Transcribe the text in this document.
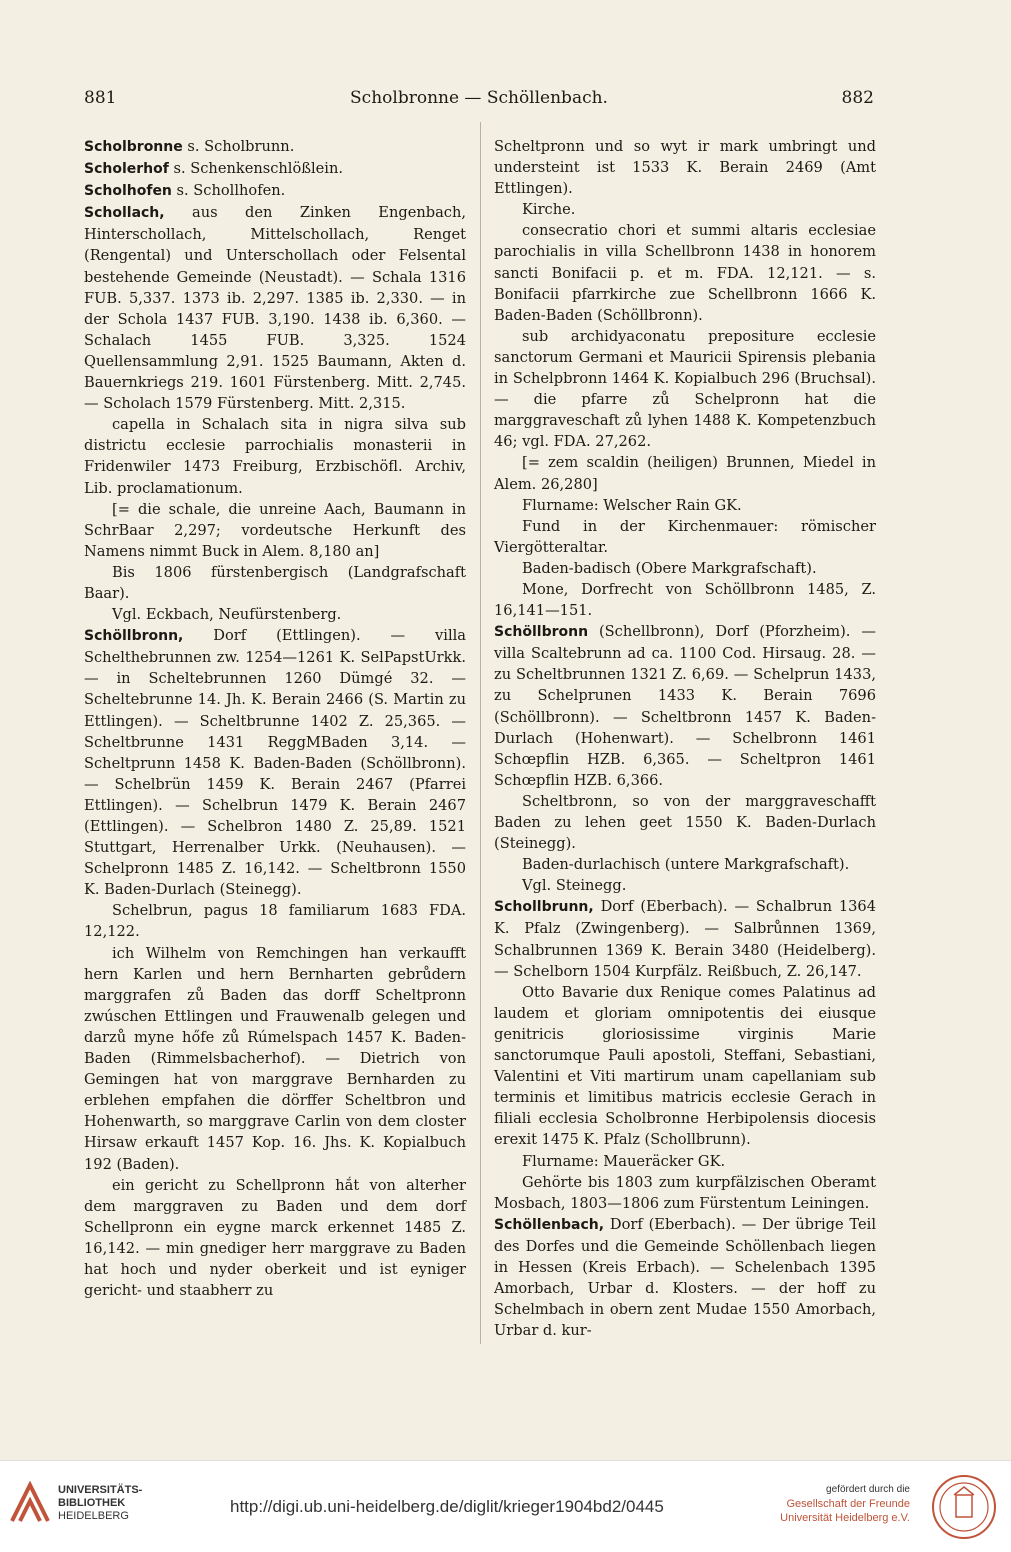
881	Scholbronne — Schöllenbach.	882

Scholbronne s. Scholbrunn.

Scholerhof s. Schenkenschlößlein.

Scholhofen s. Schollhofen.

Schollach, aus den Zinken Engenbach, Hinterschollach, Mittelschollach, Renget (Rengental) und Unterschollach oder Felsental bestehende Gemeinde (Neustadt). — Schala 1316 FUB. 5,337. 1373 ib. 2,297. 1385 ib. 2,330. — in der Schola 1437 FUB. 3,190. 1438 ib. 6,360. — Schalach 1455 FUB. 3,325. 1524 Quellensammlung 2,91. 1525 Baumann, Akten d. Bauernkriegs 219. 1601 Fürstenberg. Mitt. 2,745. — Scholach 1579 Fürstenberg. Mitt. 2,315.

capella in Schalach sita in nigra silva sub districtu ecclesie parrochialis monasterii in Fridenwiler 1473 Freiburg, Erzbischöfl. Archiv, Lib. proclamationum.

[= die schale, die unreine Aach, Baumann in SchrBaar 2,297; vordeutsche Herkunft des Namens nimmt Buck in Alem. 8,180 an]

Bis 1806 fürstenbergisch (Landgrafschaft Baar).

Vgl. Eckbach, Neufürstenberg.

Schöllbronn, Dorf (Ettlingen). — villa Schelthebrunnen zw. 1254—1261 K. SelPapstUrkk. — in Scheltebrunnen 1260 Dümgé 32. — Scheltebrunne 14. Jh. K. Berain 2466 (S. Martin zu Ettlingen). — Scheltbrunne 1402 Z. 25,365. — Scheltbrunne 1431 ReggMBaden 3,14. — Scheltprunn 1458 K. Baden-Baden (Schöllbronn). — Schelbrün 1459 K. Berain 2467 (Pfarrei Ettlingen). — Schelbrun 1479 K. Berain 2467 (Ettlingen). — Schelbron 1480 Z. 25,89. 1521 Stuttgart, Herrenalber Urkk. (Neuhausen). — Schelpronn 1485 Z. 16,142. — Scheltbronn 1550 K. Baden-Durlach (Steinegg).

Schelbrun, pagus 18 familiarum 1683 FDA. 12,122.

ich Wilhelm von Remchingen han verkaufft hern Karlen und hern Bernharten gebrůdern marggrafen zů Baden das dorff Scheltpronn zwúschen Ettlingen und Frauwenalb gelegen und darzů myne hőfe zů Rúmelspach 1457 K. Baden-Baden (Rimmelsbacherhof). — Dietrich von Gemingen hat von marggrave Bernharden zu erblehen empfahen die dörffer Scheltbron und Hohenwarth, so marggrave Carlin von dem closter Hirsaw erkauft 1457 Kop. 16. Jhs. K. Kopialbuch 192 (Baden).

ein gericht zu Schellpronn hắt von alterher dem marggraven zu Baden und dem dorf Schellpronn ein eygne marck erkennet 1485 Z. 16,142. — min gnediger herr marggrave zu Baden hat hoch und nyder oberkeit und ist eyniger gericht- und staabherr zu

Scheltpronn und so wyt ir mark umbringt und understeint ist 1533 K. Berain 2469 (Amt Ettlingen).

Kirche.

consecratio chori et summi altaris ecclesiae parochialis in villa Schellbronn 1438 in honorem sancti Bonifacii p. et m. FDA. 12,121. — s. Bonifacii pfarrkirche zue Schellbronn 1666 K. Baden-Baden (Schöllbronn).

sub archidyaconatu prepositure ecclesie sanctorum Germani et Mauricii Spirensis plebania in Schelpbronn 1464 K. Kopialbuch 296 (Bruchsal). — die pfarre zů Schelpronn hat die marggraveschaft zů lyhen 1488 K. Kompetenzbuch 46; vgl. FDA. 27,262.

[= zem scaldin (heiligen) Brunnen, Miedel in Alem. 26,280]

Flurname: Welscher Rain GK.

Fund in der Kirchenmauer: römischer Viergötteraltar.

Baden-badisch (Obere Markgrafschaft).

Mone, Dorfrecht von Schöllbronn 1485, Z. 16,141—151.

Schöllbronn (Schellbronn), Dorf (Pforzheim). — villa Scaltebrunn ad ca. 1100 Cod. Hirsaug. 28. — zu Scheltbrunnen 1321 Z. 6,69. — Schelprun 1433, zu Schelprunen 1433 K. Berain 7696 (Schöllbronn). — Scheltbronn 1457 K. Baden-Durlach (Hohenwart). — Schelbronn 1461 Schœpflin HZB. 6,365. — Scheltpron 1461 Schœpflin HZB. 6,366.

Scheltbronn, so von der marggraveschafft Baden zu lehen geet 1550 K. Baden-Durlach (Steinegg).

Baden-durlachisch (untere Markgrafschaft).

Vgl. Steinegg.

Schollbrunn, Dorf (Eberbach). — Schalbrun 1364 K. Pfalz (Zwingenberg). — Salbrůnnen 1369, Schalbrunnen 1369 K. Berain 3480 (Heidelberg). — Schelborn 1504 Kurpfälz. Reißbuch, Z. 26,147.

Otto Bavarie dux Renique comes Palatinus ad laudem et gloriam omnipotentis dei eiusque genitricis gloriosissime virginis Marie sanctorumque Pauli apostoli, Steffani, Sebastiani, Valentini et Viti martirum unam capellaniam sub terminis et limitibus matricis ecclesie Gerach in filiali ecclesia Scholbronne Herbipolensis diocesis erexit 1475 K. Pfalz (Schollbrunn).

Flurname: Maueräcker GK.

Gehörte bis 1803 zum kurpfälzischen Oberamt Mosbach, 1803—1806 zum Fürstentum Leiningen.

Schöllenbach, Dorf (Eberbach). — Der übrige Teil des Dorfes und die Gemeinde Schöllenbach liegen in Hessen (Kreis Erbach). — Schelenbach 1395 Amorbach, Urbar d. Klosters. — der hoff zu Schelmbach in obern zent Mudae 1550 Amorbach, Urbar d. kur-

UNIVERSITÄTS-
BIBLIOTHEK
HEIDELBERG	http://digi.ub.uni-heidelberg.de/diglit/krieger1904bd2/0445
gefördert durch die
Gesellschaft der Freunde
Universität Heidelberg e.V.
